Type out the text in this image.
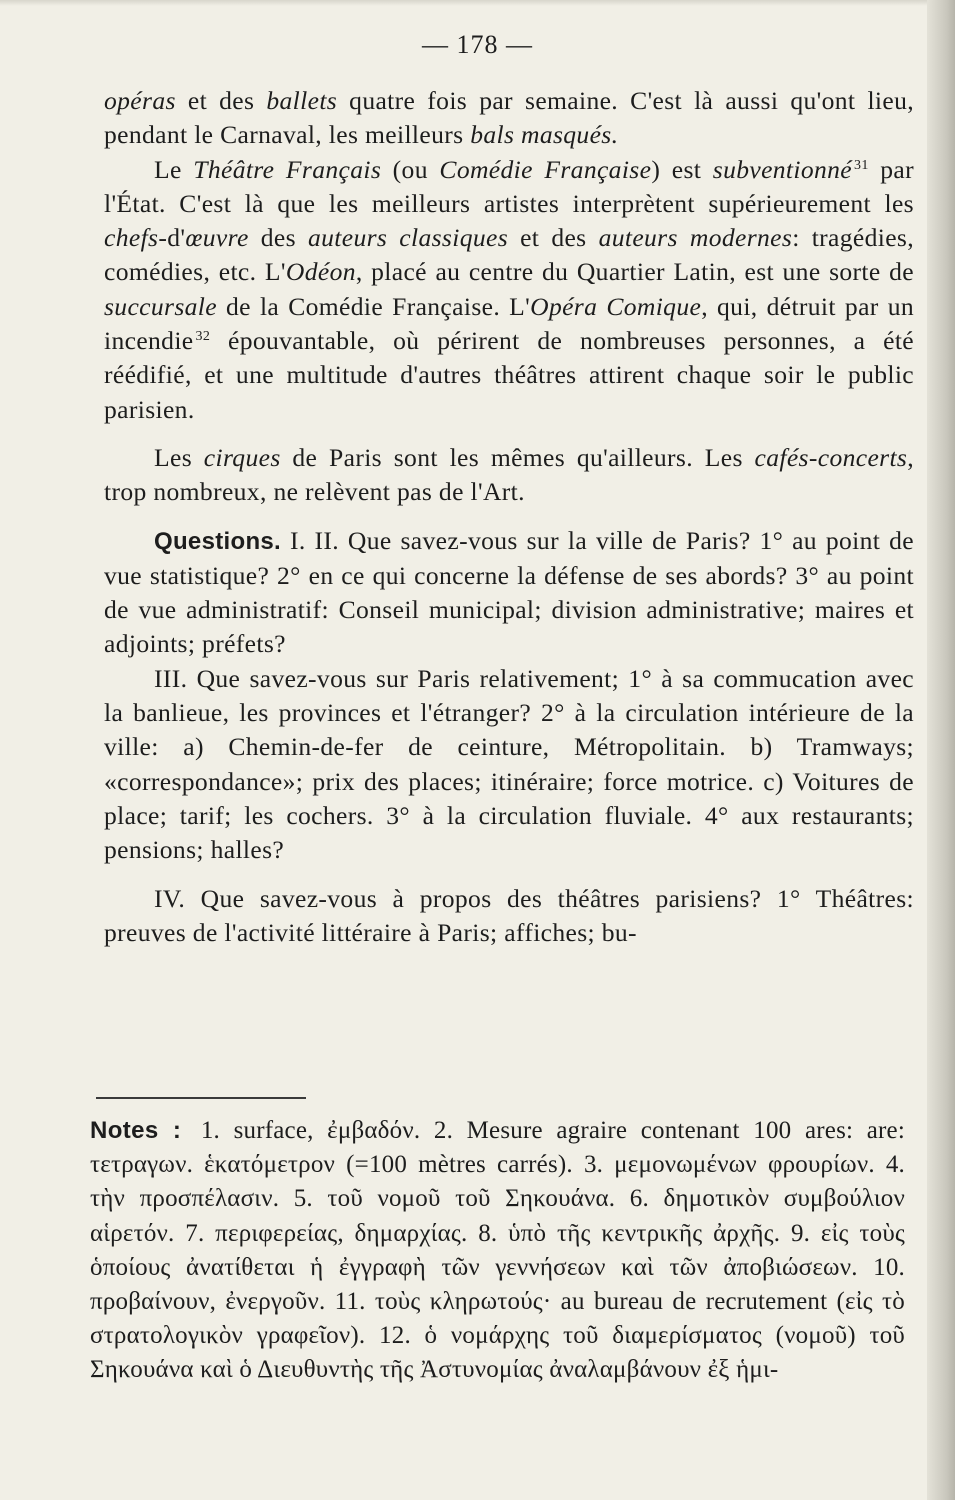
— 178 —

opéras et des ballets quatre fois par semaine. C'est là aussi qu'ont lieu, pendant le Carnaval, les meilleurs bals masqués.

Le Théâtre Français (ou Comédie Française) est subventionné $^{31}$ par l'État. C'est là que les meilleurs artistes interprètent supérieurement les chefs-d'œuvre des auteurs classiques et des auteurs modernes: tragédies, comédies, etc. L'Odéon, placé au centre du Quartier Latin, est une sorte de succursale de la Comédie Française. L'Opéra Comique, qui, détruit par un incendie $^{32}$ épouvantable, où périrent de nombreuses personnes, a été réédifié, et une multitude d'autres théâtres attirent chaque soir le public parisien.

Les cirques de Paris sont les mêmes qu'ailleurs. Les cafés-concerts, trop nombreux, ne relèvent pas de l'Art.

Questions. I. II. Que savez-vous sur la ville de Paris? 1° au point de vue statistique? 2° en ce qui concerne la défense de ses abords? 3° au point de vue administratif: Conseil municipal; division administrative; maires et adjoints; préfets?

III. Que savez-vous sur Paris relativement; 1° à sa commucation avec la banlieue, les provinces et l'étranger? 2° à la circulation intérieure de la ville: a) Chemin-de-fer de ceinture, Métropolitain. b) Tramways; «correspondance»; prix des places; itinéraire; force motrice. c) Voitures de place; tarif; les cochers. 3° à la circulation fluviale. 4° aux restaurants; pensions; halles?

IV. Que savez-vous à propos des théâtres parisiens? 1° Théâtres: preuves de l'activité littéraire à Paris; affiches; bu-

Notes : 1. surface, ἐμβαδόν. 2. Mesure agraire contenant 100 ares: are: τετραγων. ἑκατόμετρον (=100 mètres carrés). 3. μεμονωμένων φρουρίων. 4. τὴν προσπέλασιν. 5. τοῦ νομοῦ τοῦ Σηκουάνα. 6. δημοτικὸν συμβούλιον αἱρετόν. 7. περιφερείας, δημαρχίας. 8. ὑπὸ τῆς κεντρικῆς ἀρχῆς. 9. εἰς τοὺς ὁποίους ἀνατίθεται ἡ ἐγγραφὴ τῶν γεννήσεων καὶ τῶν ἀποβιώσεων. 10. προβαίνουν, ἐνεργοῦν. 11. τοὺς κληρωτούς· au bureau de recrutement (εἰς τὸ στρατολογικὸν γραφεῖον). 12. ὁ νομάρχης τοῦ διαμερίσματος (νομοῦ) τοῦ Σηκουάνα καὶ ὁ Διευθυντὴς τῆς Ἀστυνομίας ἀναλαμβάνουν ἐξ ἡμι-
